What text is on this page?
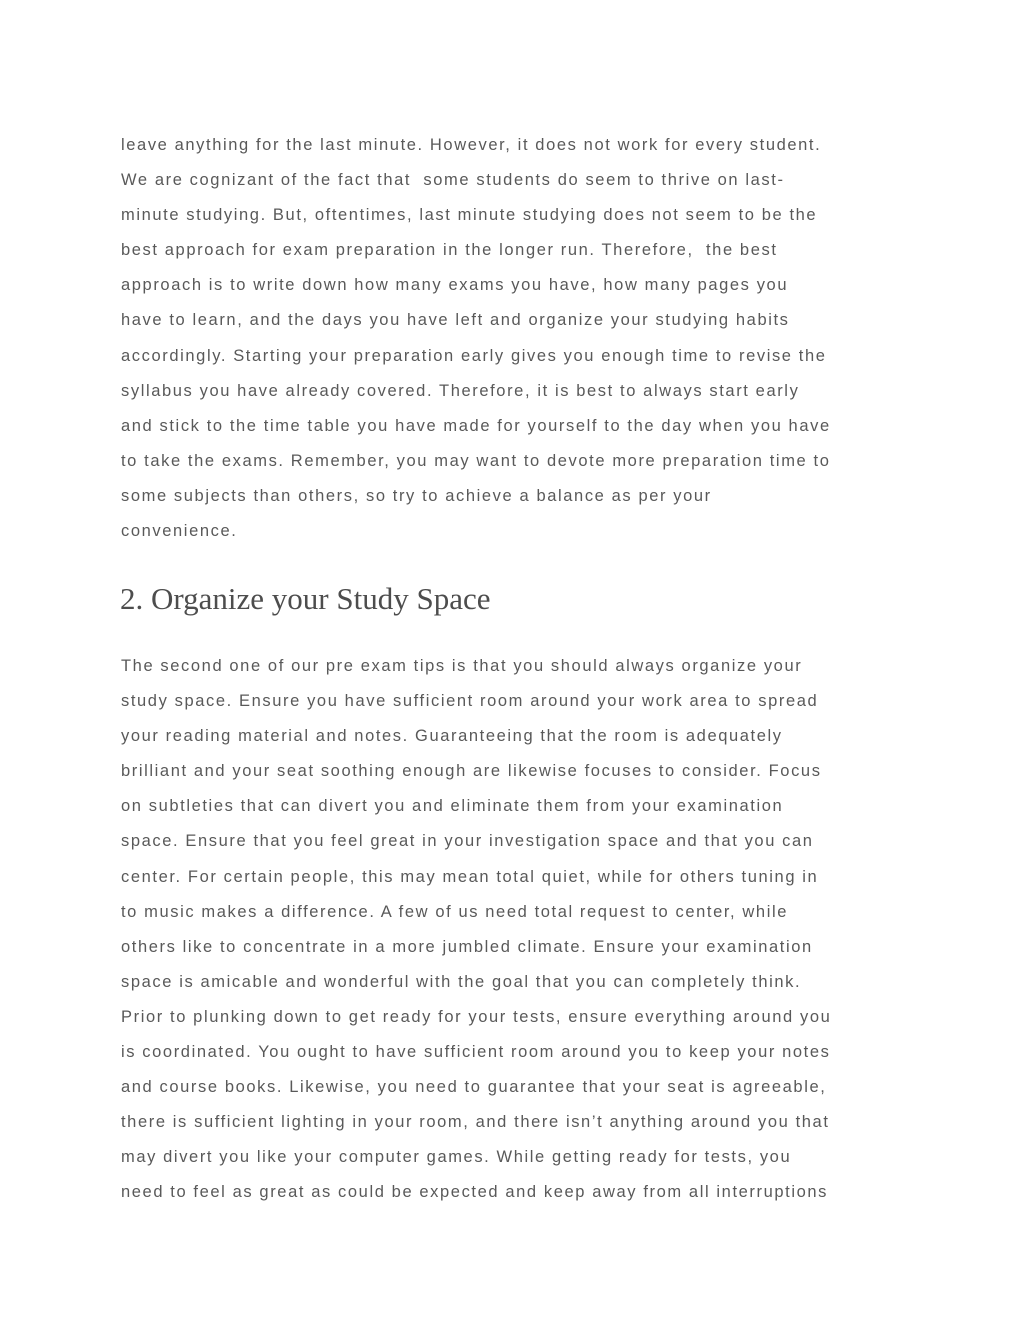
leave anything for the last minute. However, it does not work for every student.
We are cognizant of the fact that  some students do seem to thrive on last-
minute studying. But, oftentimes, last minute studying does not seem to be the
best approach for exam preparation in the longer run. Therefore,  the best
approach is to write down how many exams you have, how many pages you
have to learn, and the days you have left and organize your studying habits
accordingly. Starting your preparation early gives you enough time to revise the
syllabus you have already covered. Therefore, it is best to always start early
and stick to the time table you have made for yourself to the day when you have
to take the exams. Remember, you may want to devote more preparation time to
some subjects than others, so try to achieve a balance as per your
convenience.
2. Organize your Study Space
The second one of our pre exam tips is that you should always organize your
study space. Ensure you have sufficient room around your work area to spread
your reading material and notes. Guaranteeing that the room is adequately
brilliant and your seat soothing enough are likewise focuses to consider. Focus
on subtleties that can divert you and eliminate them from your examination
space. Ensure that you feel great in your investigation space and that you can
center. For certain people, this may mean total quiet, while for others tuning in
to music makes a difference. A few of us need total request to center, while
others like to concentrate in a more jumbled climate. Ensure your examination
space is amicable and wonderful with the goal that you can completely think.
Prior to plunking down to get ready for your tests, ensure everything around you
is coordinated. You ought to have sufficient room around you to keep your notes
and course books. Likewise, you need to guarantee that your seat is agreeable,
there is sufficient lighting in your room, and there isn’t anything around you that
may divert you like your computer games. While getting ready for tests, you
need to feel as great as could be expected and keep away from all interruptions
